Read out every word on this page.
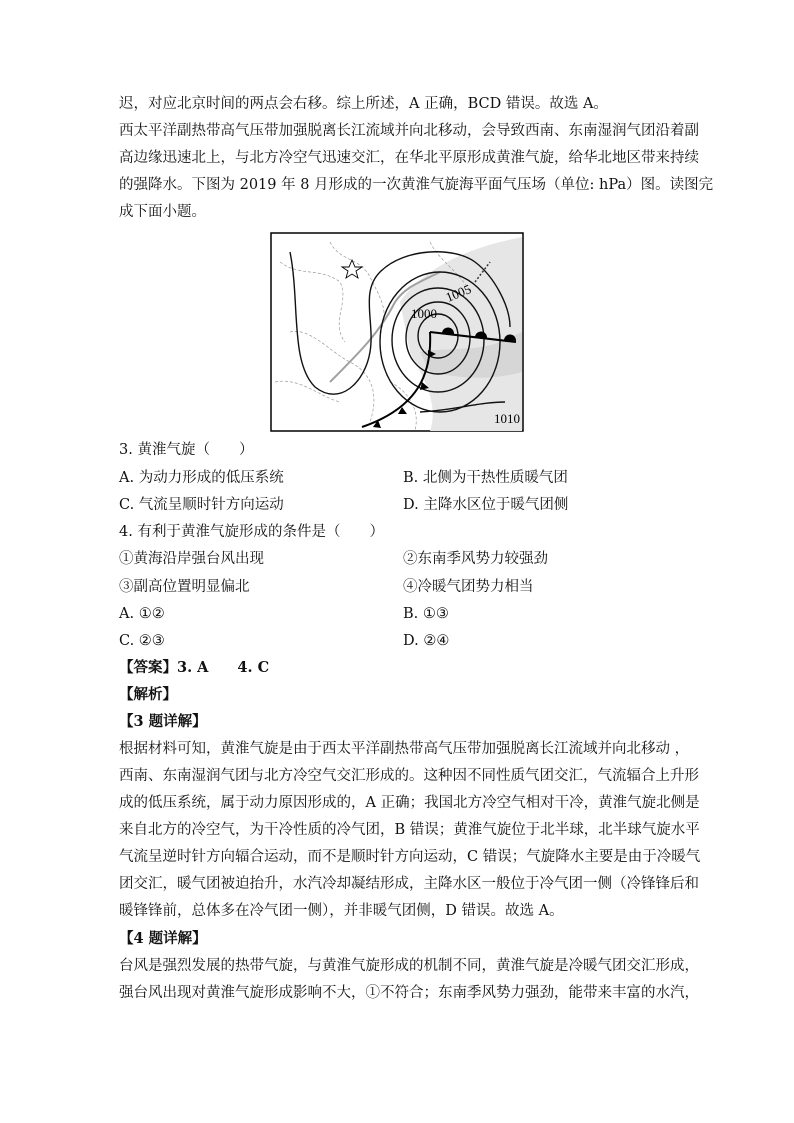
迟，对应北京时间的两点会右移。综上所述，A 正确，BCD 错误。故选 A。
西太平洋副热带高气压带加强脱离长江流域并向北移动，会导致西南、东南湿润气团沿着副
高边缘迅速北上，与北方冷空气迅速交汇，在华北平原形成黄淮气旋，给华北地区带来持续
的强降水。下图为 2019 年 8 月形成的一次黄淮气旋海平面气压场（单位: hPa）图。读图完
成下面小题。
1005
1000
1010
3. 黄淮气旋（　　）
A. 为动力形成的低压系统	B. 北侧为干热性质暖气团
C. 气流呈顺时针方向运动	D. 主降水区位于暖气团侧
4. 有利于黄淮气旋形成的条件是（　　）
①黄海沿岸强台风出现	②东南季风势力较强劲
③副高位置明显偏北	④冷暖气团势力相当
A. ①②	B. ①③
C. ②③	D. ②④
【答案】3. A　　4. C
【解析】
【3 题详解】
根据材料可知，黄淮气旋是由于西太平洋副热带高气压带加强脱离长江流域并向北移动 ，
西南、东南湿润气团与北方冷空气交汇形成的。这种因不同性质气团交汇，气流辐合上升形
成的低压系统，属于动力原因形成的，A 正确；我国北方冷空气相对干冷，黄淮气旋北侧是
来自北方的冷空气，为干冷性质的冷气团，B 错误；黄淮气旋位于北半球，北半球气旋水平
气流呈逆时针方向辐合运动，而不是顺时针方向运动，C 错误；气旋降水主要是由于冷暖气
团交汇，暖气团被迫抬升，水汽冷却凝结形成，主降水区一般位于冷气团一侧（冷锋锋后和
暖锋锋前，总体多在冷气团一侧），并非暖气团侧，D 错误。故选 A。
【4 题详解】
台风是强烈发展的热带气旋，与黄淮气旋形成的机制不同，黄淮气旋是冷暖气团交汇形成，
强台风出现对黄淮气旋形成影响不大，①不符合；东南季风势力强劲，能带来丰富的水汽，
